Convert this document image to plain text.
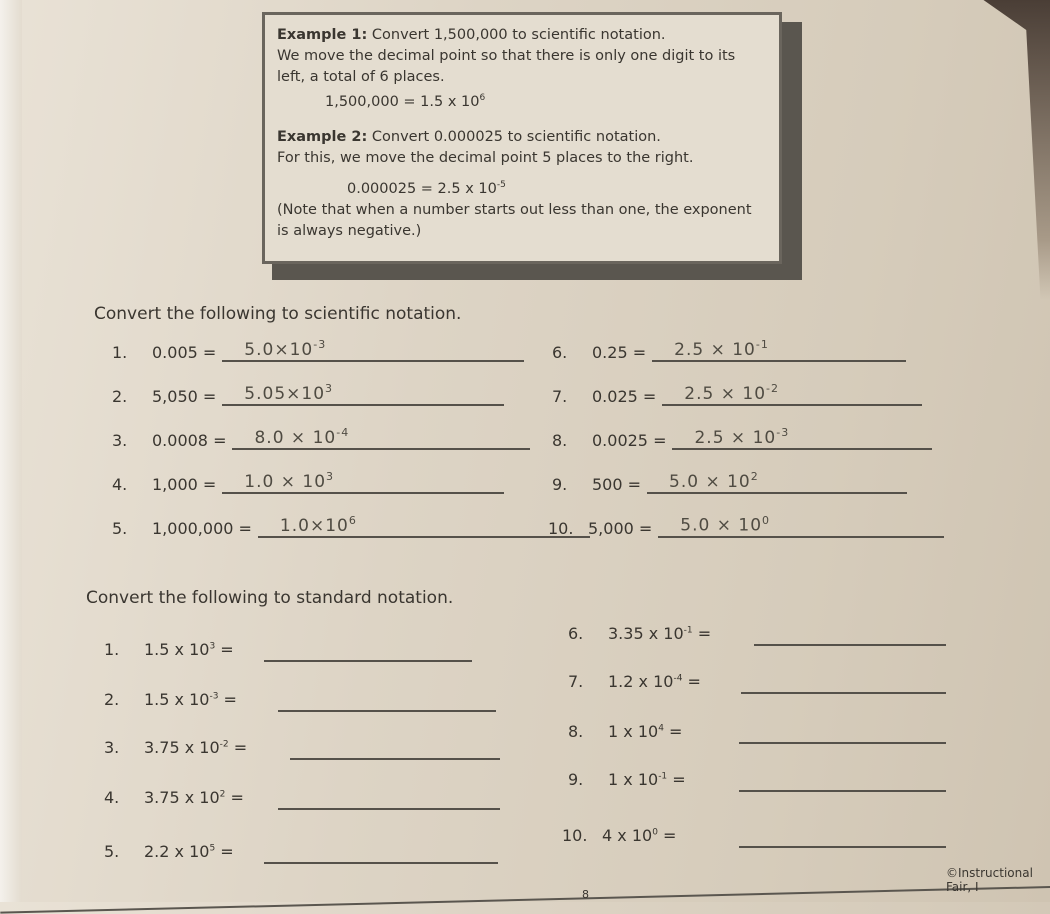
Example 1: Convert 1,500,000 to scientific notation.

We move the decimal point so that there is only one digit to its left, a total of 6 places.

1,500,000 = 1.5 x $10^6$

Example 2: Convert 0.000025 to scientific notation.

For this, we move the decimal point 5 places to the right.

0.000025 = 2.5 x $10^{-5}$

(Note that when a number starts out less than one, the exponent is always negative.)

Convert the following to scientific notation.
1.	$0.005 = 5.0\times 10^{-3}$
2.	$5,050 = 5.05\times 10^3$
3.	$0.0008 = 8.0 \times 10^{-4}$
4.	$1,000 = 1.0 \times 10^3$
5.	$1,000,000 = 1.0\times 10^6$
6.	$0.25 = 2.5 \times 10^{-1}$
7.	$0.025 = 2.5 \times 10^{-2}$
8.	$0.0025 = 2.5 \times 10^{-3}$
9.	$500 = 5.0 \times 10^2$
10. $5,000 = 5.0 \times 10^0$
Convert the following to standard notation.
1.	1.5 x $10^3$ =
2.	1.5 x $10^{-3}$ =
3.	3.75 x $10^{-2}$ =
4.	3.75 x $10^2$ =
5.	2.2 x $10^5$ =
6.	3.35 x $10^{-1}$ =
7.	1.2 x $10^{-4}$ =
8.	1 x $10^4$ =
9.	1 x $10^{-1}$ =
10. 4 x $10^0$ =
©Instructional Fair, I
8
